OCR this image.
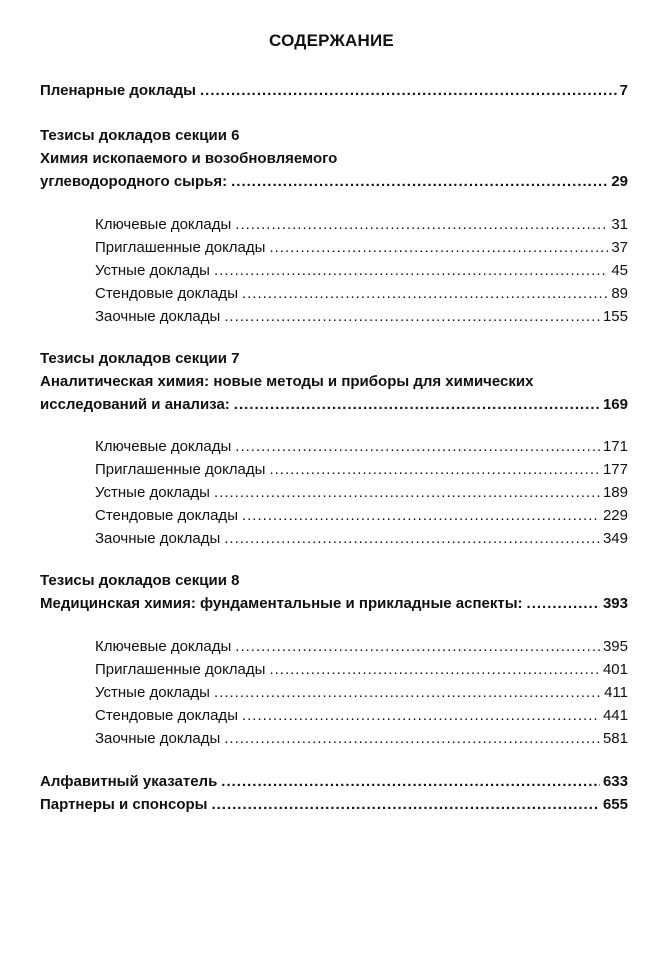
СОДЕРЖАНИЕ
Пленарные доклады .....	7
Тезисы докладов секции 6
Химия ископаемого и возобновляемого
углеводородного сырья: .....	29
Ключевые доклады .....	31
Приглашенные доклады .....	37
Устные доклады .....	45
Стендовые доклады .....	89
Заочные доклады .....	155
Тезисы докладов секции 7
Аналитическая химия: новые методы и приборы для химических
исследований и анализа: .....	169
Ключевые доклады .....	171
Приглашенные доклады .....	177
Устные доклады .....	189
Стендовые доклады .....	229
Заочные доклады .....	349
Тезисы докладов секции 8
Медицинская химия: фундаментальные и прикладные аспекты: .....	393
Ключевые доклады .....	395
Приглашенные доклады .....	401
Устные доклады .....	411
Стендовые доклады .....	441
Заочные доклады .....	581
Алфавитный указатель .....	633
Партнеры и спонсоры .....	655
